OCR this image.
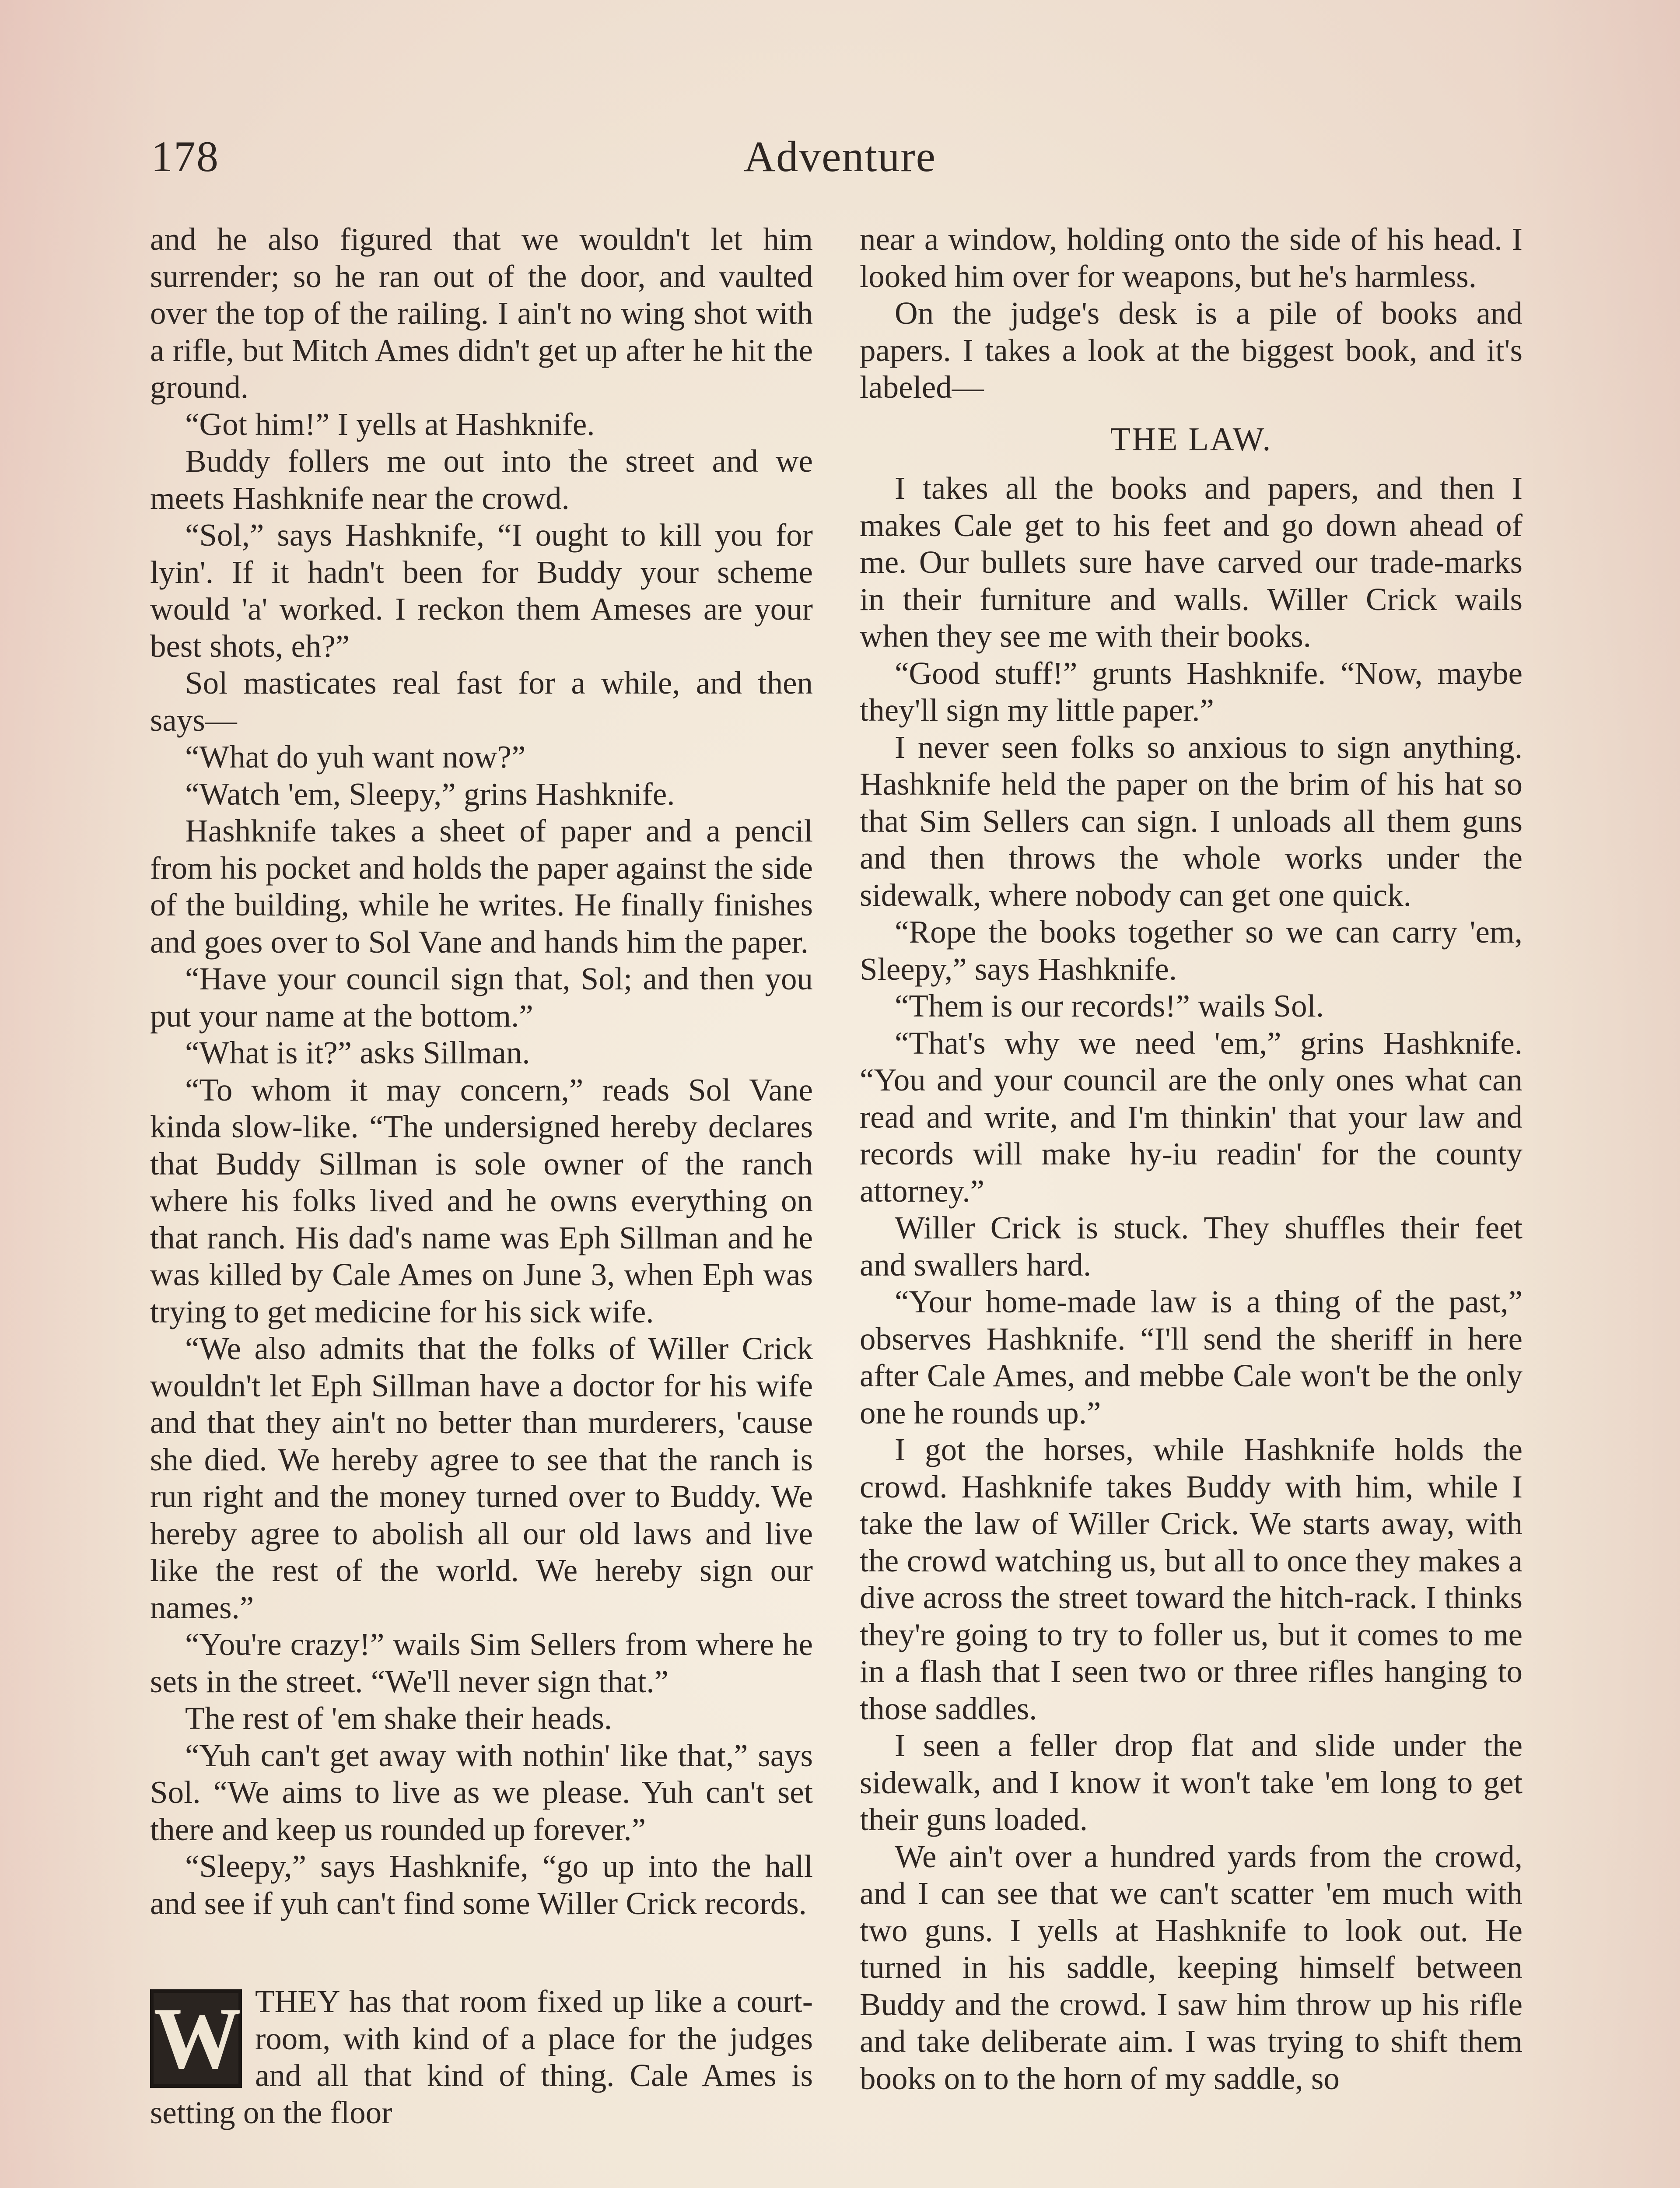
178	Adventure

and he also figured that we wouldn't let him surrender; so he ran out of the door, and vaulted over the top of the railing. I ain't no wing shot with a rifle, but Mitch Ames didn't get up after he hit the ground.

“Got him!” I yells at Hashknife.

Buddy follers me out into the street and we meets Hashknife near the crowd.

“Sol,” says Hashknife, “I ought to kill you for lyin'. If it hadn't been for Buddy your scheme would 'a' worked. I reckon them Ameses are your best shots, eh?”

Sol masticates real fast for a while, and then says—

“What do yuh want now?”

“Watch 'em, Sleepy,” grins Hashknife.

Hashknife takes a sheet of paper and a pencil from his pocket and holds the paper against the side of the building, while he writes. He finally finishes and goes over to Sol Vane and hands him the paper.

“Have your council sign that, Sol; and then you put your name at the bottom.”

“What is it?” asks Sillman.

“To whom it may concern,” reads Sol Vane kinda slow-like. “The undersigned hereby declares that Buddy Sillman is sole owner of the ranch where his folks lived and he owns everything on that ranch. His dad's name was Eph Sillman and he was killed by Cale Ames on June 3, when Eph was trying to get medicine for his sick wife.

“We also admits that the folks of Willer Crick wouldn't let Eph Sillman have a doctor for his wife and that they ain't no better than murderers, 'cause she died. We hereby agree to see that the ranch is run right and the money turned over to Buddy. We hereby agree to abolish all our old laws and live like the rest of the world. We hereby sign our names.”

“You're crazy!” wails Sim Sellers from where he sets in the street. “We'll never sign that.”

The rest of 'em shake their heads.

“Yuh can't get away with nothin' like that,” says Sol. “We aims to live as we please. Yuh can't set there and keep us rounded up forever.”

“Sleepy,” says Hashknife, “go up into the hall and see if yuh can't find some Willer Crick records.

W THEY has that room fixed up like a court-room, with kind of a place for the judges and all that kind of thing. Cale Ames is setting on the floor

near a window, holding onto the side of his head. I looked him over for weapons, but he's harmless.

On the judge's desk is a pile of books and papers. I takes a look at the biggest book, and it's labeled—

THE LAW.

I takes all the books and papers, and then I makes Cale get to his feet and go down ahead of me. Our bullets sure have carved our trade-marks in their furniture and walls. Willer Crick wails when they see me with their books.

“Good stuff!” grunts Hashknife. “Now, maybe they'll sign my little paper.”

I never seen folks so anxious to sign anything. Hashknife held the paper on the brim of his hat so that Sim Sellers can sign. I unloads all them guns and then throws the whole works under the sidewalk, where nobody can get one quick.

“Rope the books together so we can carry 'em, Sleepy,” says Hashknife.

“Them is our records!” wails Sol.

“That's why we need 'em,” grins Hashknife. “You and your council are the only ones what can read and write, and I'm thinkin' that your law and records will make hy-iu readin' for the county attorney.”

Willer Crick is stuck. They shuffles their feet and swallers hard.

“Your home-made law is a thing of the past,” observes Hashknife. “I'll send the sheriff in here after Cale Ames, and mebbe Cale won't be the only one he rounds up.”

I got the horses, while Hashknife holds the crowd. Hashknife takes Buddy with him, while I take the law of Willer Crick. We starts away, with the crowd watching us, but all to once they makes a dive across the street toward the hitch-rack. I thinks they're going to try to foller us, but it comes to me in a flash that I seen two or three rifles hanging to those saddles.

I seen a feller drop flat and slide under the sidewalk, and I know it won't take 'em long to get their guns loaded.

We ain't over a hundred yards from the crowd, and I can see that we can't scatter 'em much with two guns. I yells at Hashknife to look out. He turned in his saddle, keeping himself between Buddy and the crowd. I saw him throw up his rifle and take deliberate aim. I was trying to shift them books on to the horn of my saddle, so
